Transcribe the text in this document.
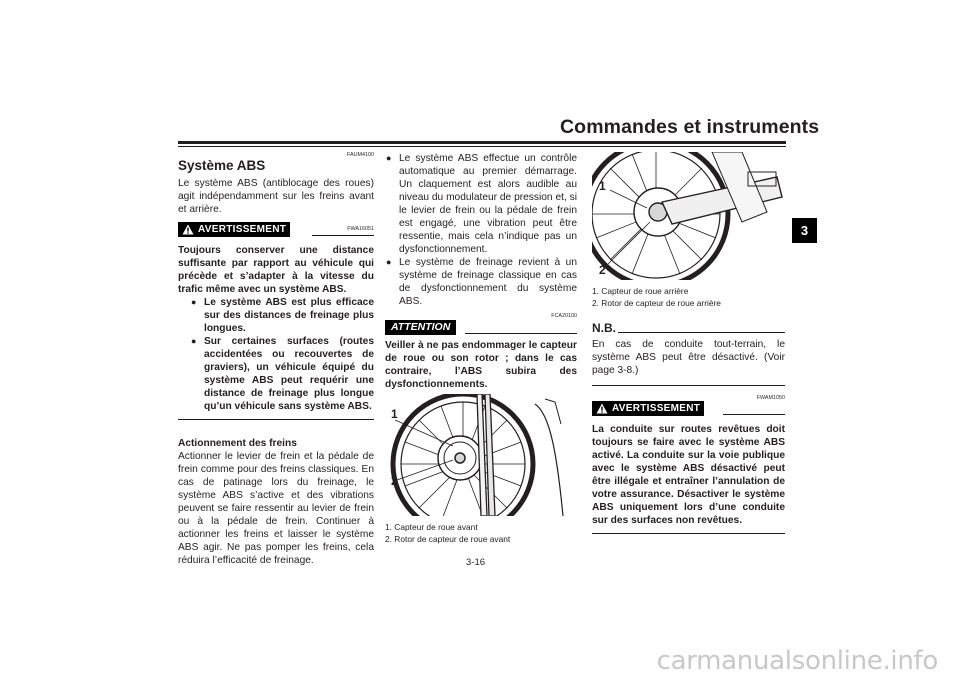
Commandes et instruments
3
FAUM4100
Système ABS

Le système ABS (antiblocage des roues) agit indépendamment sur les freins avant et arrière.

AVERTISSEMENT	FWA16051

Toujours conserver une distance suffisante par rapport au véhicule qui précède et s’adapter à la vitesse du trafic même avec un système ABS.

● Le système ABS est plus efficace sur des distances de freinage plus longues.
● Sur certaines surfaces (routes accidentées ou recouvertes de graviers), un véhicule équipé du système ABS peut requérir une distance de freinage plus longue qu’un véhicule sans système ABS.
Actionnement des freins

Actionner le levier de frein et la pédale de frein comme pour des freins classiques. En cas de patinage lors du freinage, le système ABS s’active et des vibrations peuvent se faire ressentir au levier de frein ou à la pédale de frein. Continuer à actionner les freins et laisser le système ABS agir. Ne pas pomper les freins, cela réduira l’efficacité de freinage.

● Le système ABS effectue un contrôle automatique au premier démarrage. Un claquement est alors audible au niveau du modulateur de pression et, si le levier de frein ou la pédale de frein est engagé, une vibration peut être ressentie, mais cela n’indique pas un dysfonctionnement.
● Le système de freinage revient à un système de freinage classique en cas de dysfonctionnement du système ABS.
FCA20100
ATTENTION

Veiller à ne pas endommager le capteur de roue ou son rotor ; dans le cas contraire, l’ABS subira des dysfonctionnements.

1
2
1. Capteur de roue avant
2. Rotor de capteur de roue avant
1
2
1. Capteur de roue arrière
2. Rotor de capteur de roue arrière
N.B.

En cas de conduite tout-terrain, le système ABS peut être désactivé. (Voir page 3-8.)

FWAM1050
AVERTISSEMENT

La conduite sur routes revêtues doit toujours se faire avec le système ABS activé. La conduite sur la voie publique avec le système ABS désactivé peut être illégale et entraîner l’annulation de votre assurance. Désactiver le système ABS uniquement lors d’une conduite sur des surfaces non revêtues.

3-16
carmanualsonline.info
